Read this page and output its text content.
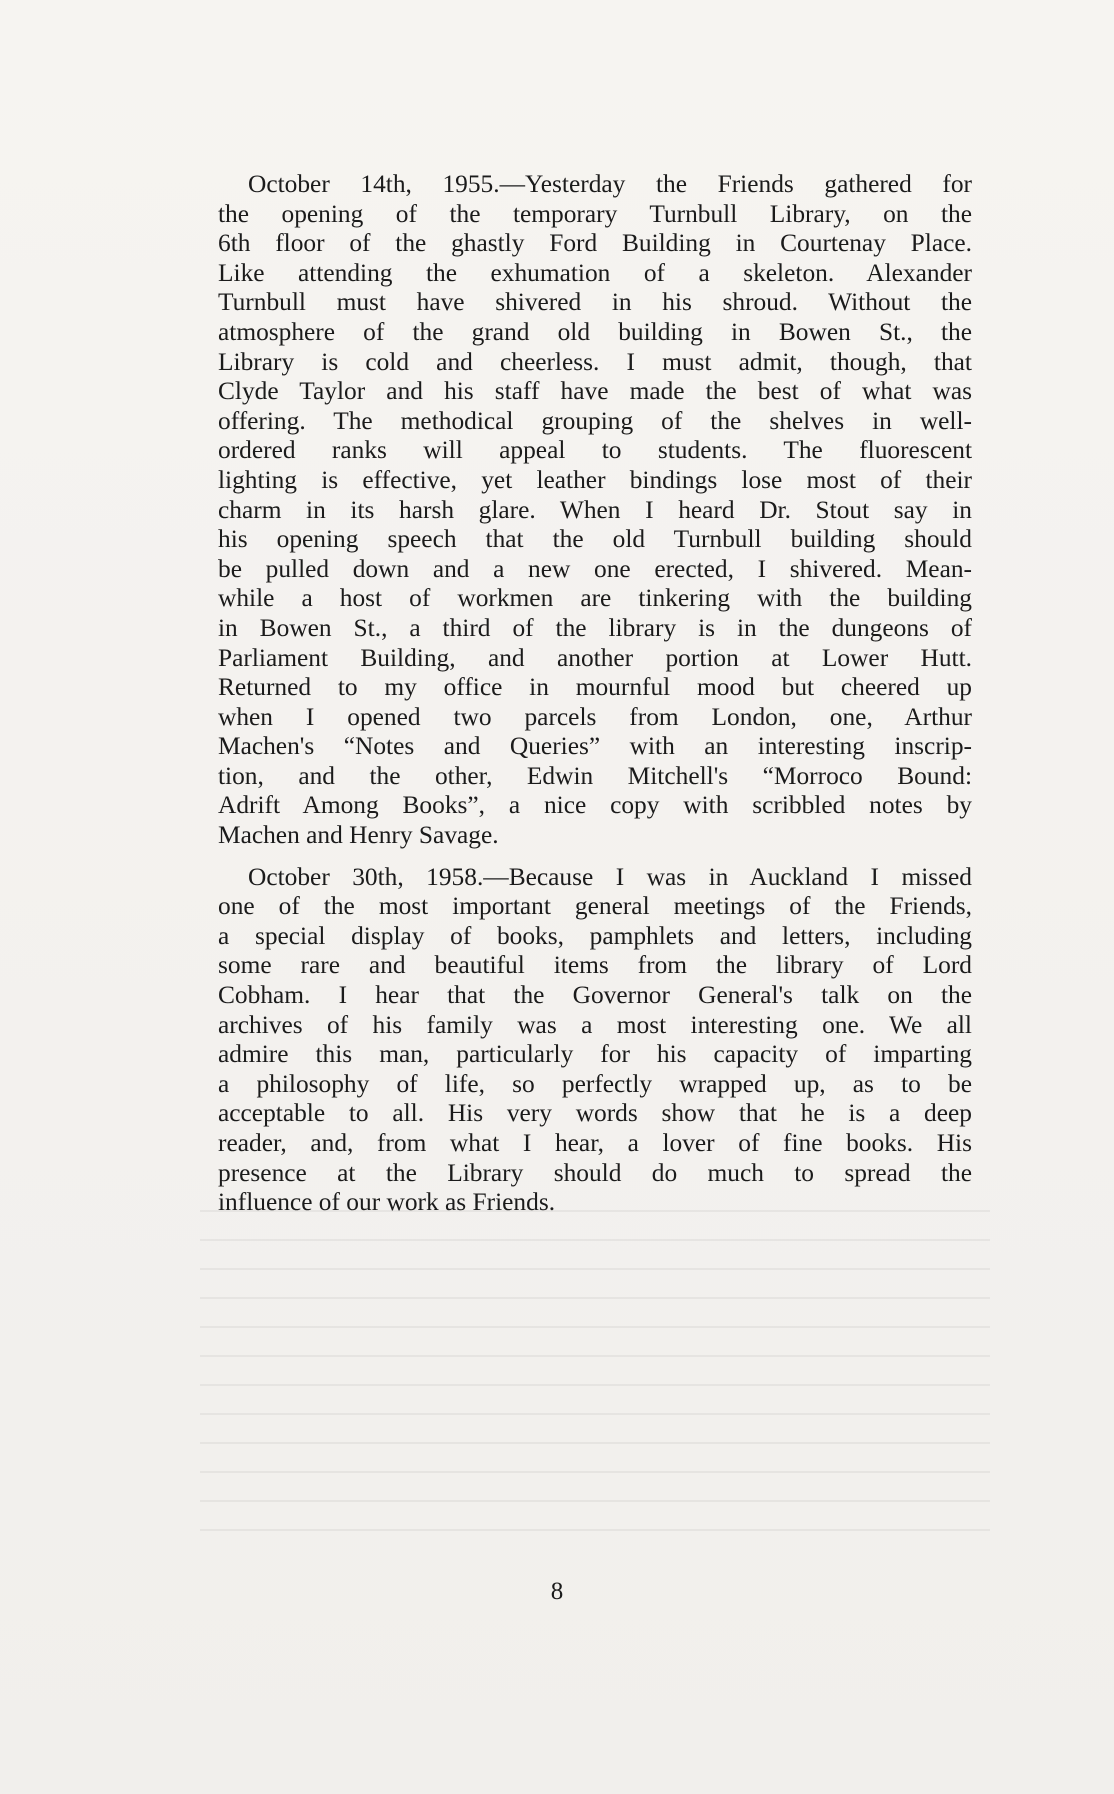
October 14th, 1955.—Yesterday the Friends gathered for
the opening of the temporary Turnbull Library, on the
6th floor of the ghastly Ford Building in Courtenay Place.
Like attending the exhumation of a skeleton. Alexander
Turnbull must have shivered in his shroud. Without the
atmosphere of the grand old building in Bowen St., the
Library is cold and cheerless. I must admit, though, that
Clyde Taylor and his staff have made the best of what was
offering. The methodical grouping of the shelves in well-
ordered ranks will appeal to students. The fluorescent
lighting is effective, yet leather bindings lose most of their
charm in its harsh glare. When I heard Dr. Stout say in
his opening speech that the old Turnbull building should
be pulled down and a new one erected, I shivered. Mean-
while a host of workmen are tinkering with the building
in Bowen St., a third of the library is in the dungeons of
Parliament Building, and another portion at Lower Hutt.
Returned to my office in mournful mood but cheered up
when I opened two parcels from London, one, Arthur
Machen's “Notes and Queries” with an interesting inscrip-
tion, and the other, Edwin Mitchell's “Morroco Bound:
Adrift Among Books”, a nice copy with scribbled notes by
Machen and Henry Savage.
October 30th, 1958.—Because I was in Auckland I missed
one of the most important general meetings of the Friends,
a special display of books, pamphlets and letters, including
some rare and beautiful items from the library of Lord
Cobham. I hear that the Governor General's talk on the
archives of his family was a most interesting one. We all
admire this man, particularly for his capacity of imparting
a philosophy of life, so perfectly wrapped up, as to be
acceptable to all. His very words show that he is a deep
reader, and, from what I hear, a lover of fine books. His
presence at the Library should do much to spread the
influence of our work as Friends.
8
